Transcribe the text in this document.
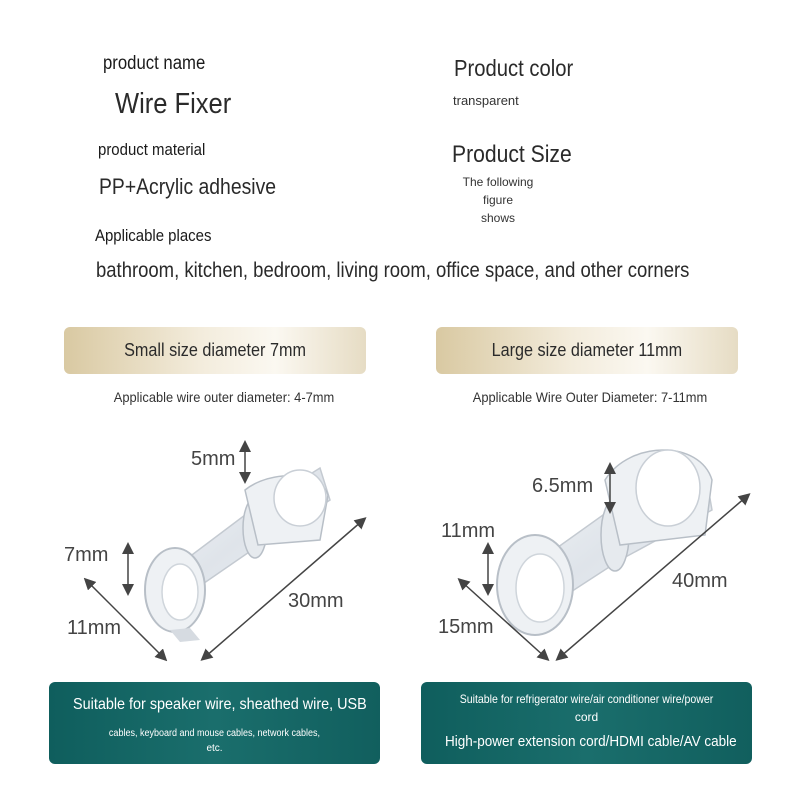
product name
Wire Fixer
product material
PP+Acrylic adhesive
Product color
transparent
Product Size
The following figure
shows
Applicable places
bathroom, kitchen, bedroom, living room, office space, and other corners
Small size diameter 7mm	Large size diameter 11mm
Applicable wire outer diameter: 4-7mm	Applicable Wire Outer Diameter: 7-11mm
5mm
7mm
11mm
30mm
6.5mm
11mm
15mm
40mm
Suitable for speaker wire, sheathed wire, USB
cables, keyboard and mouse cables, network cables,
etc.
Suitable for refrigerator wire/air conditioner wire/power
cord
High-power extension cord/HDMI cable/AV cable
